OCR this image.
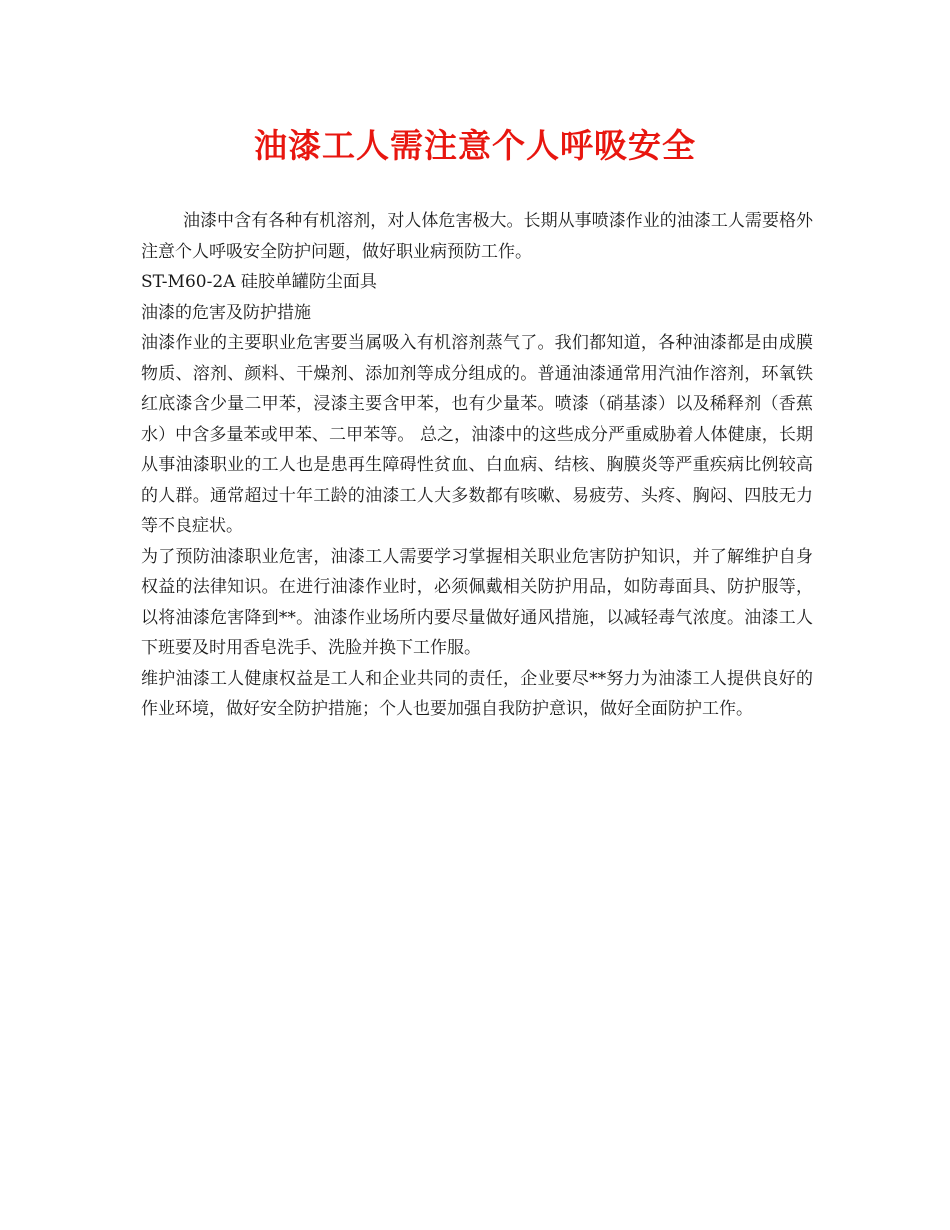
油漆工人需注意个人呼吸安全

油漆中含有各种有机溶剂，对人体危害极大。长期从事喷漆作业的油漆工人需要格外注意个人呼吸安全防护问题，做好职业病预防工作。

ST-M60-2A 硅胶单罐防尘面具

油漆的危害及防护措施

油漆作业的主要职业危害要当属吸入有机溶剂蒸气了。我们都知道，各种油漆都是由成膜物质、溶剂、颜料、干燥剂、添加剂等成分组成的。普通油漆通常用汽油作溶剂，环氧铁红底漆含少量二甲苯，浸漆主要含甲苯，也有少量苯。喷漆（硝基漆）以及稀释剂（香蕉水）中含多量苯或甲苯、二甲苯等。 总之，油漆中的这些成分严重威胁着人体健康，长期从事油漆职业的工人也是患再生障碍性贫血、白血病、结核、胸膜炎等严重疾病比例较高的人群。通常超过十年工龄的油漆工人大多数都有咳嗽、易疲劳、头疼、胸闷、四肢无力等不良症状。

为了预防油漆职业危害，油漆工人需要学习掌握相关职业危害防护知识，并了解维护自身权益的法律知识。在进行油漆作业时，必须佩戴相关防护用品，如防毒面具、防护服等，以将油漆危害降到**。油漆作业场所内要尽量做好通风措施，以减轻毒气浓度。油漆工人下班要及时用香皂洗手、洗脸并换下工作服。

维护油漆工人健康权益是工人和企业共同的责任，企业要尽**努力为油漆工人提供良好的作业环境，做好安全防护措施；个人也要加强自我防护意识，做好全面防护工作。
